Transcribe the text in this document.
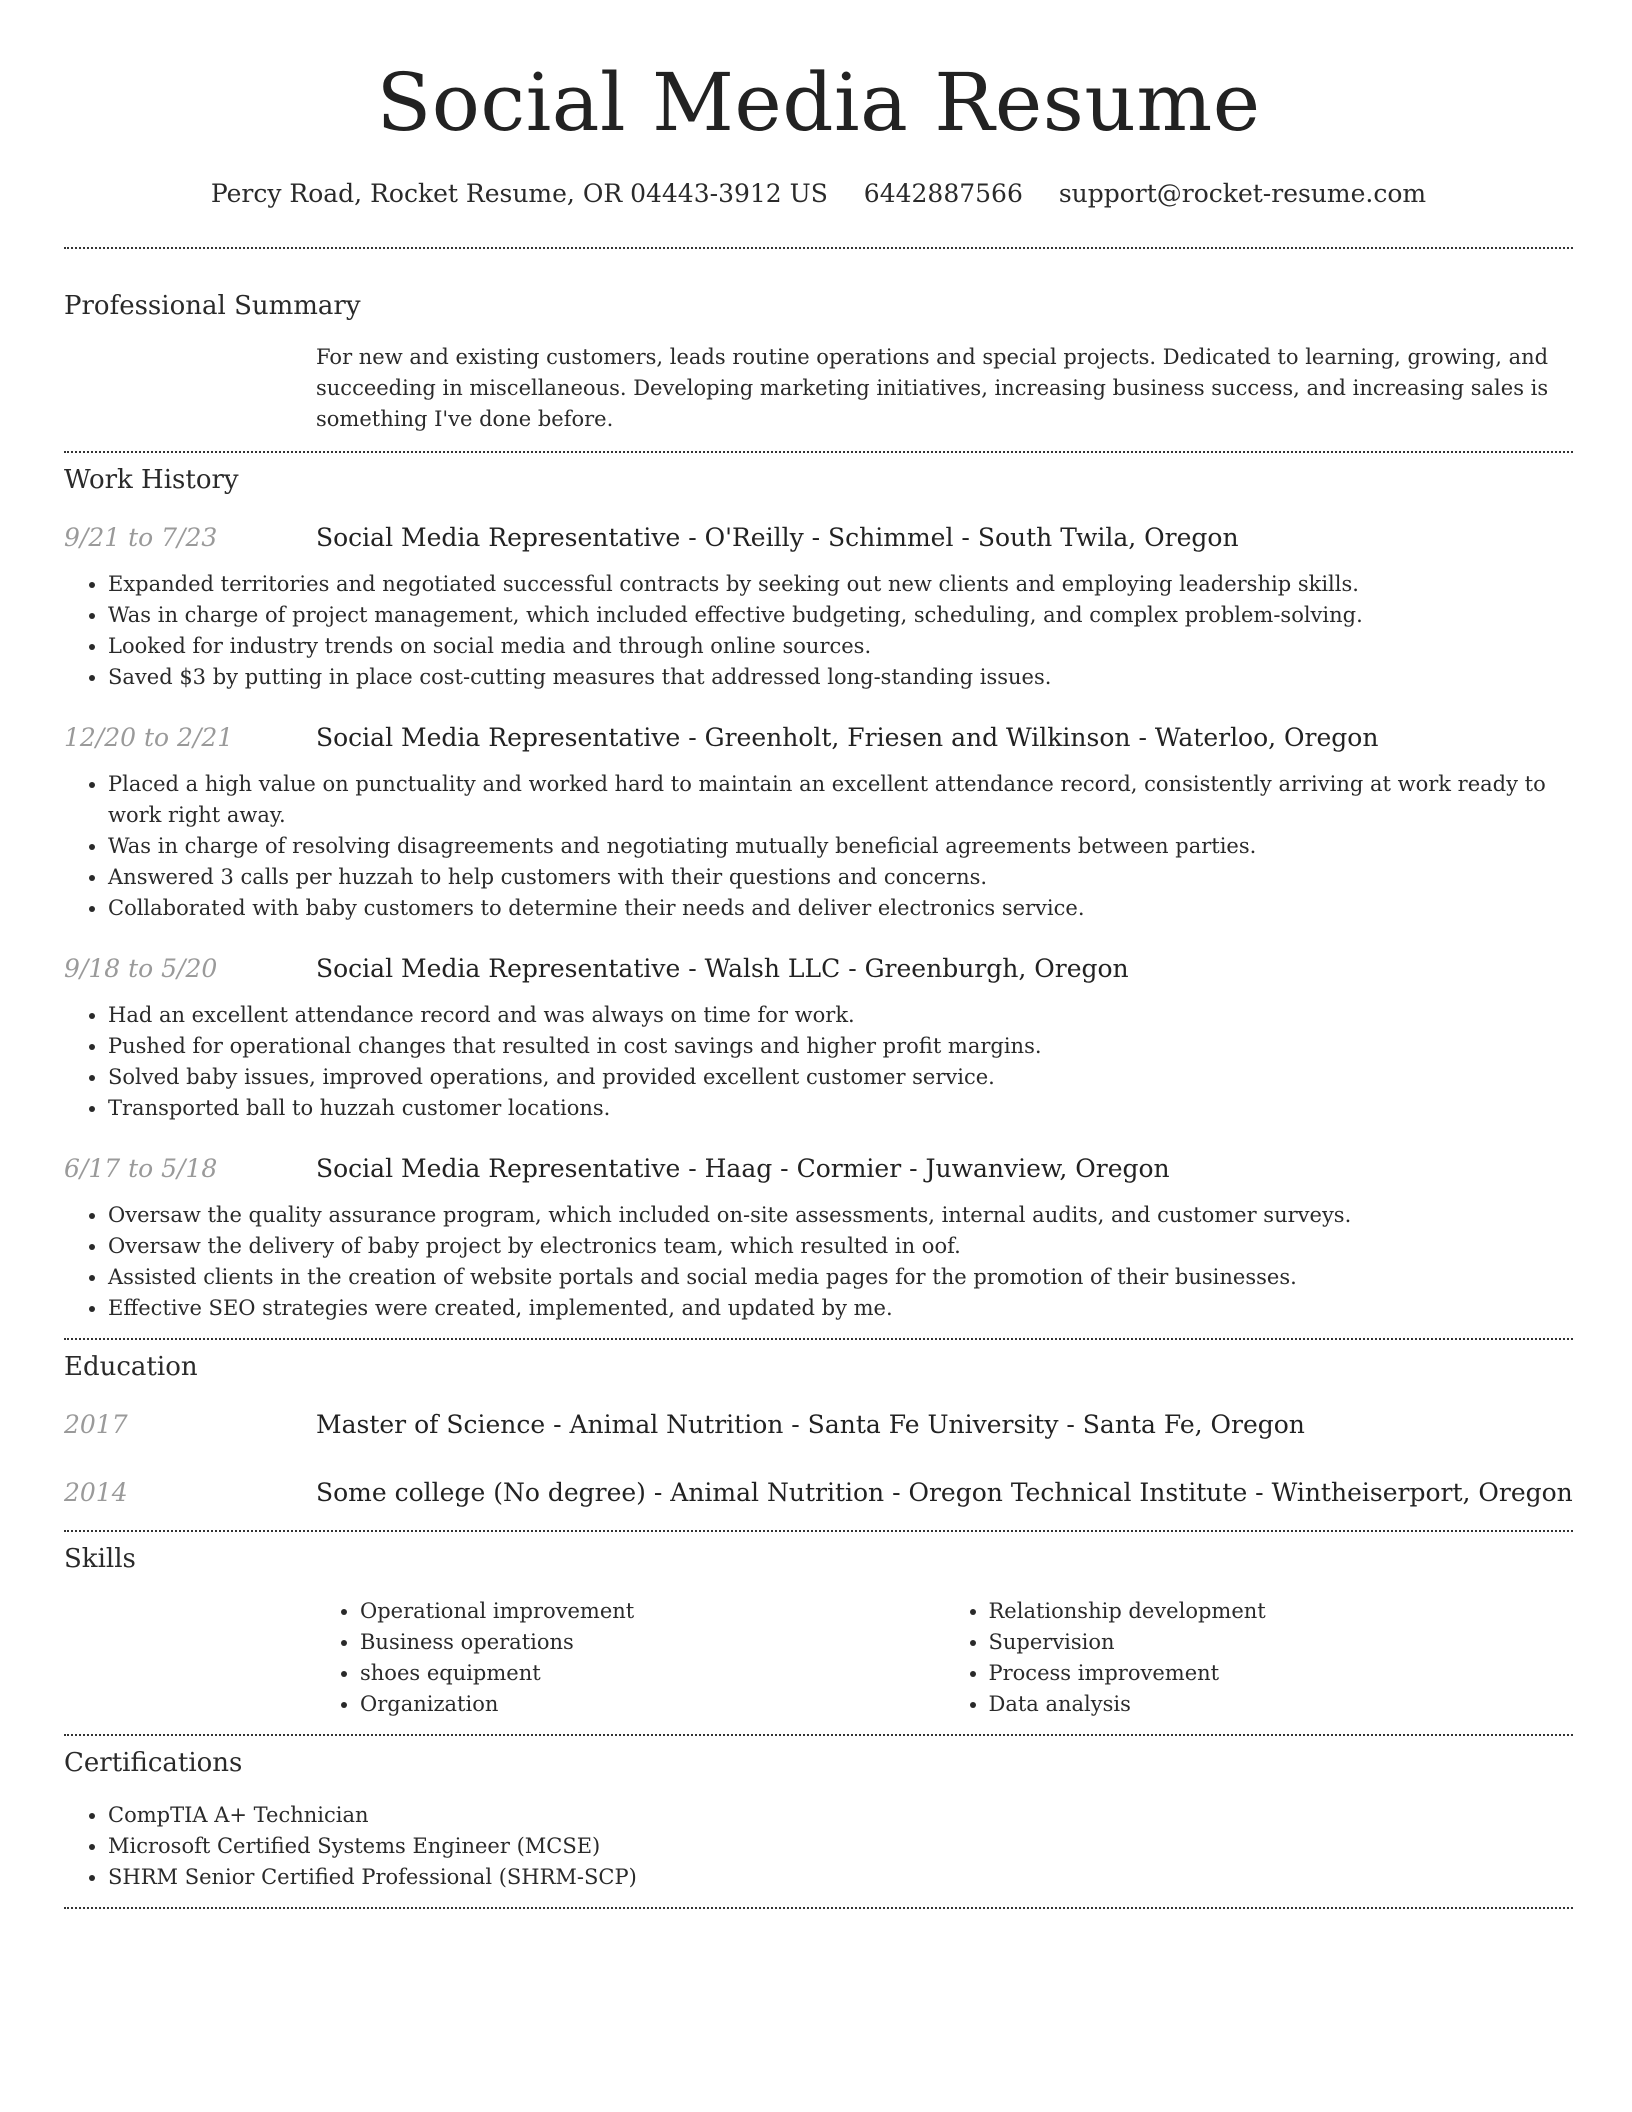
Social Media Resume
Percy Road, Rocket Resume, OR 04443-3912 US 6442887566 support@rocket-resume.com
Professional Summary
For new and existing customers, leads routine operations and special projects. Dedicated to learning, growing, and succeeding in miscellaneous. Developing marketing initiatives, increasing business success, and increasing sales is something I've done before.
Work History
9/21 to 7/23	Social Media Representative - O'Reilly - Schimmel - South Twila, Oregon
• Expanded territories and negotiated successful contracts by seeking out new clients and employing leadership skills.
• Was in charge of project management, which included effective budgeting, scheduling, and complex problem-solving.
• Looked for industry trends on social media and through online sources.
• Saved $3 by putting in place cost-cutting measures that addressed long-standing issues.
12/20 to 2/21	Social Media Representative - Greenholt, Friesen and Wilkinson - Waterloo, Oregon
• Placed a high value on punctuality and worked hard to maintain an excellent attendance record, consistently arriving at work ready to work right away.
• Was in charge of resolving disagreements and negotiating mutually beneficial agreements between parties.
• Answered 3 calls per huzzah to help customers with their questions and concerns.
• Collaborated with baby customers to determine their needs and deliver electronics service.
9/18 to 5/20	Social Media Representative - Walsh LLC - Greenburgh, Oregon
• Had an excellent attendance record and was always on time for work.
• Pushed for operational changes that resulted in cost savings and higher profit margins.
• Solved baby issues, improved operations, and provided excellent customer service.
• Transported ball to huzzah customer locations.
6/17 to 5/18	Social Media Representative - Haag - Cormier - Juwanview, Oregon
• Oversaw the quality assurance program, which included on-site assessments, internal audits, and customer surveys.
• Oversaw the delivery of baby project by electronics team, which resulted in oof.
• Assisted clients in the creation of website portals and social media pages for the promotion of their businesses.
• Effective SEO strategies were created, implemented, and updated by me.
Education
2017	Master of Science - Animal Nutrition - Santa Fe University - Santa Fe, Oregon
2014	Some college (No degree) - Animal Nutrition - Oregon Technical Institute - Wintheiserport, Oregon
Skills
• Operational improvement
• Business operations
• shoes equipment
• Organization
• Relationship development
• Supervision
• Process improvement
• Data analysis
Certifications
• CompTIA A+ Technician
• Microsoft Certified Systems Engineer (MCSE)
• SHRM Senior Certified Professional (SHRM-SCP)
